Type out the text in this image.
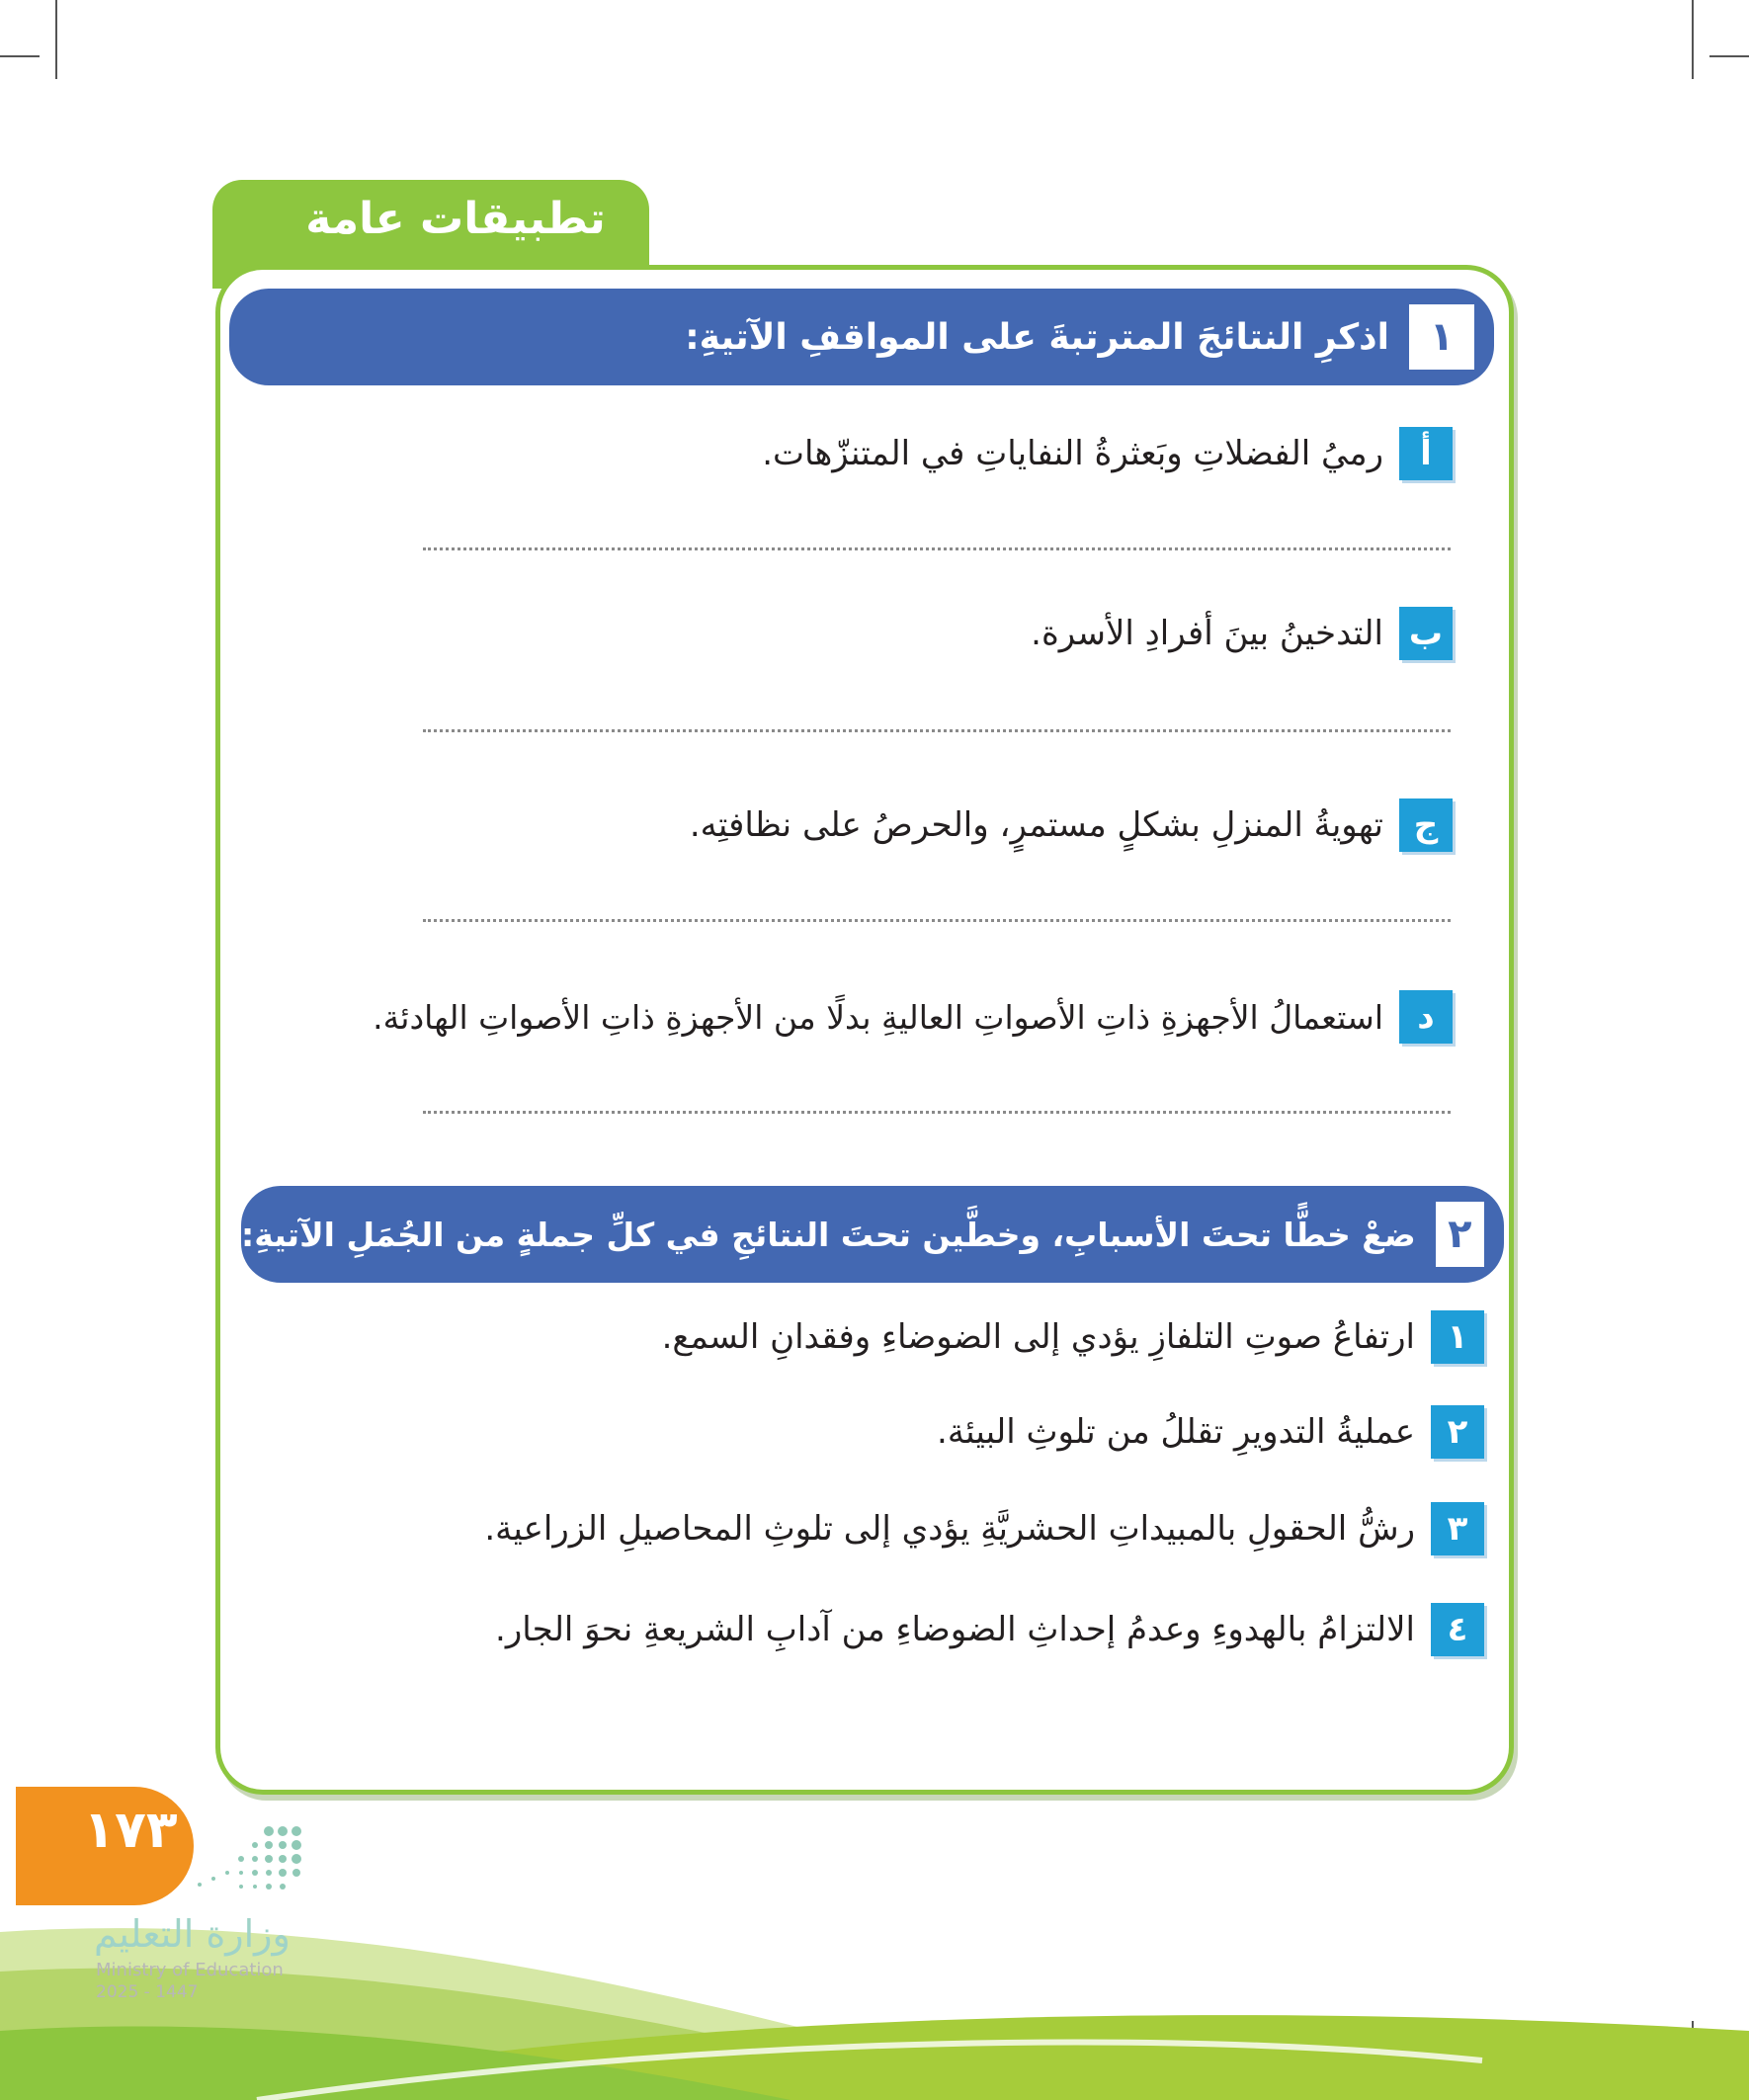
تطبيقات عامة
١
اذكرِ النتائجَ المترتبةَ على المواقفِ الآتيةِ:
أ
رميُ الفضلاتِ وبَعثرةُ النفاياتِ في المتنزّهات.
ب
التدخينُ بينَ أفرادِ الأسرة.
ج
تهويةُ المنزلِ بشكلٍ مستمرٍ، والحرصُ على نظافتِه.
د
استعمالُ الأجهزةِ ذاتِ الأصواتِ العاليةِ بدلًا من الأجهزةِ ذاتِ الأصواتِ الهادئة.
٢
ضعْ خطًّا تحتَ الأسبابِ، وخطَّين تحتَ النتائجِ في كلِّ جملةٍ من الجُمَلِ الآتيةِ:
١
ارتفاعُ صوتِ التلفازِ يؤدي إلى الضوضاءِ وفقدانِ السمع.
٢
عمليةُ التدويرِ تقللُ من تلوثِ البيئة.
٣
رشُّ الحقولِ بالمبيداتِ الحشريَّةِ يؤدي إلى تلوثِ المحاصيلِ الزراعية.
٤
الالتزامُ بالهدوءِ وعدمُ إحداثِ الضوضاءِ من آدابِ الشريعةِ نحوَ الجار.
١٧٣
وزارة التعليم
Ministry of Education
2025 - 1447
